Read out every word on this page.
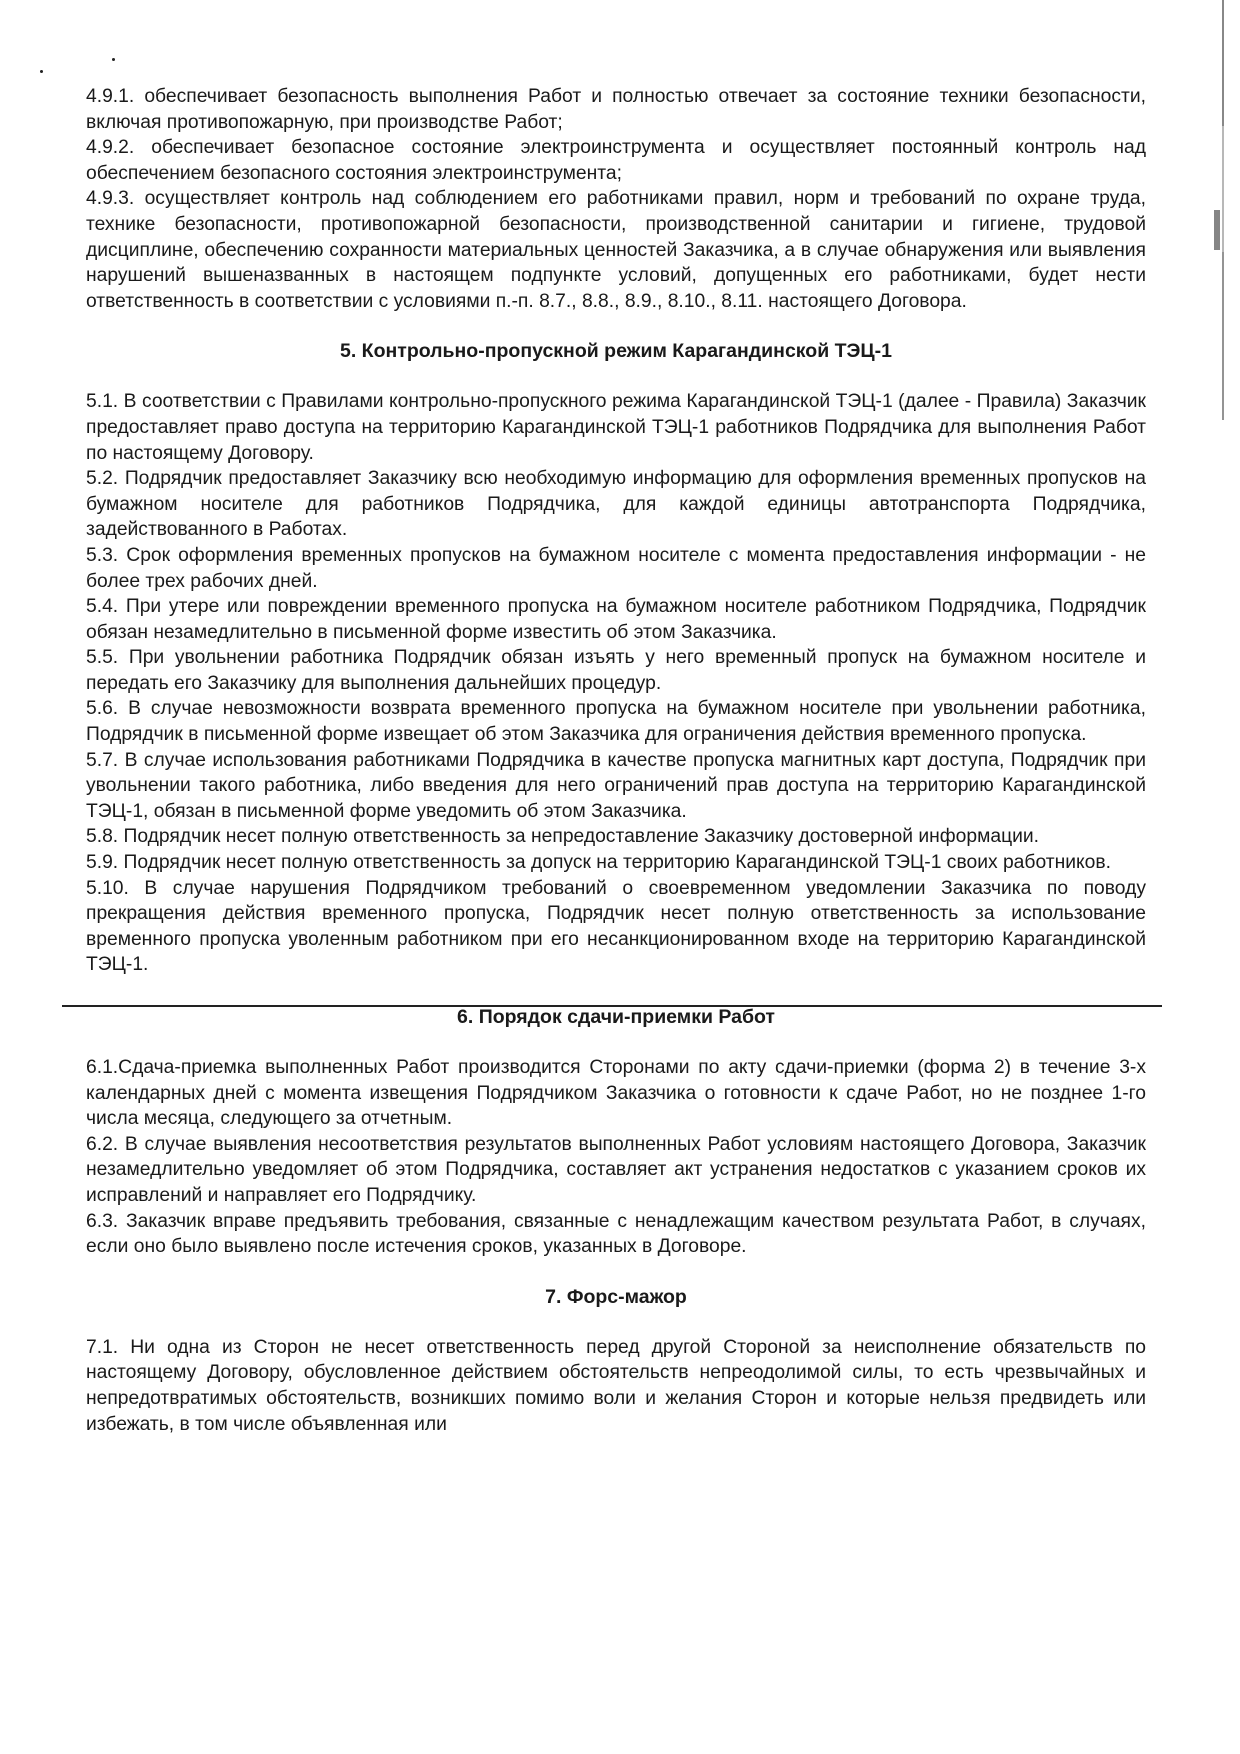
4.9.1. обеспечивает безопасность выполнения Работ и полностью отвечает за состояние техники безопасности, включая противопожарную, при производстве Работ;

4.9.2. обеспечивает безопасное состояние электроинструмента и осуществляет постоянный контроль над обеспечением безопасного состояния электроинструмента;

4.9.3. осуществляет контроль над соблюдением его работниками правил, норм и требований по охране труда, технике безопасности, противопожарной безопасности, производственной санитарии и гигиене, трудовой дисциплине, обеспечению сохранности материальных ценностей Заказчика, а в случае обнаружения или выявления нарушений вышеназванных в настоящем подпункте условий, допущенных его работниками, будет нести ответственность в соответствии с условиями п.-п. 8.7., 8.8., 8.9., 8.10., 8.11. настоящего Договора.

5. Контрольно-пропускной режим Карагандинской ТЭЦ-1

5.1. В соответствии с Правилами контрольно-пропускного режима Карагандинской ТЭЦ-1 (далее - Правила) Заказчик предоставляет право доступа на территорию Карагандинской ТЭЦ-1 работников Подрядчика для выполнения Работ по настоящему Договору.

5.2. Подрядчик предоставляет Заказчику всю необходимую информацию для оформления временных пропусков на бумажном носителе для работников Подрядчика, для каждой единицы автотранспорта Подрядчика, задействованного в Работах.

5.3. Срок оформления временных пропусков на бумажном носителе с момента предоставления информации - не более трех рабочих дней.

5.4. При утере или повреждении временного пропуска на бумажном носителе работником Подрядчика, Подрядчик обязан незамедлительно в письменной форме известить об этом Заказчика.

5.5. При увольнении работника Подрядчик обязан изъять у него временный пропуск на бумажном носителе и передать его Заказчику для выполнения дальнейших процедур.

5.6. В случае невозможности возврата временного пропуска на бумажном носителе при увольнении работника, Подрядчик в письменной форме извещает об этом Заказчика для ограничения действия временного пропуска.

5.7. В случае использования работниками Подрядчика в качестве пропуска магнитных карт доступа, Подрядчик при увольнении такого работника, либо введения для него ограничений прав доступа на территорию Карагандинской ТЭЦ-1, обязан в письменной форме уведомить об этом Заказчика.

5.8. Подрядчик несет полную ответственность за непредоставление Заказчику достоверной информации.

5.9. Подрядчик несет полную ответственность за допуск на территорию Карагандинской ТЭЦ-1 своих работников.

5.10. В случае нарушения Подрядчиком требований о своевременном уведомлении Заказчика по поводу прекращения действия временного пропуска, Подрядчик несет полную ответственность за использование временного пропуска уволенным работником при его несанкционированном входе на территорию Карагандинской ТЭЦ-1.

6. Порядок сдачи-приемки Работ

6.1.Сдача-приемка выполненных Работ производится Сторонами по акту сдачи-приемки (форма 2) в течение 3-х календарных дней с момента извещения Подрядчиком Заказчика о готовности к сдаче Работ, но не позднее 1-го числа месяца, следующего за отчетным.

6.2. В случае выявления несоответствия результатов выполненных Работ условиям настоящего Договора, Заказчик незамедлительно уведомляет об этом Подрядчика, составляет акт устранения недостатков с указанием сроков их исправлений и направляет его Подрядчику.

6.3. Заказчик вправе предъявить требования, связанные с ненадлежащим качеством результата Работ, в случаях, если оно было выявлено после истечения сроков, указанных в Договоре.

7. Форс-мажор

7.1. Ни одна из Сторон не несет ответственность перед другой Стороной за неисполнение обязательств по настоящему Договору, обусловленное действием обстоятельств непреодолимой силы, то есть чрезвычайных и непредотвратимых обстоятельств, возникших помимо воли и желания Сторон и которые нельзя предвидеть или избежать, в том числе объявленная или
